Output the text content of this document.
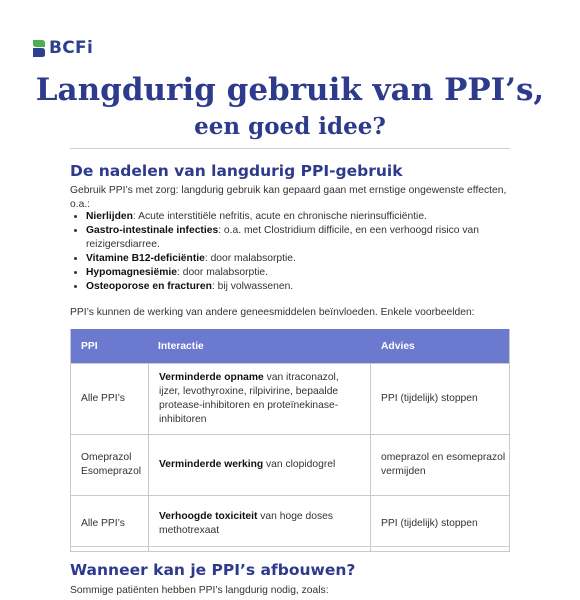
BCFi
Langdurig gebruik van PPI’s,
een goed idee?
De nadelen van langdurig PPI-gebruik

Gebruik PPI’s met zorg: langdurig gebruik kan gepaard gaan met ernstige ongewenste effecten, o.a.:

• Nierlijden: Acute interstitiële nefritis, acute en chronische nierinsufficiëntie.
• Gastro-intestinale infecties: o.a. met Clostridium difficile, en een verhoogd risico van reizigersdiarree.
• Vitamine B12-deficiëntie: door malabsorptie.
• Hypomagnesiëmie: door malabsorptie.
• Osteoporose en fracturen: bij volwassenen.

PPI’s kunnen de werking van andere geneesmiddelen beïnvloeden. Enkele voorbeelden:

PPI	Interactie	Advies
Alle PPI’s
Verminderde opname van itraconazol, ijzer, levothyroxine, rilpivirine, bepaalde protease-inhibitoren en proteïnekinase-inhibitoren
PPI (tijdelijk) stoppen
Omeprazol Esomeprazol
Verminderde werking van clopidogrel
omeprazol en esomeprazol vermijden
Alle PPI’s
Verhoogde toxiciteit van hoge doses methotrexaat
PPI (tijdelijk) stoppen
Wanneer kan je PPI’s afbouwen?

Sommige patiënten hebben PPI’s langdurig nodig, zoals:
